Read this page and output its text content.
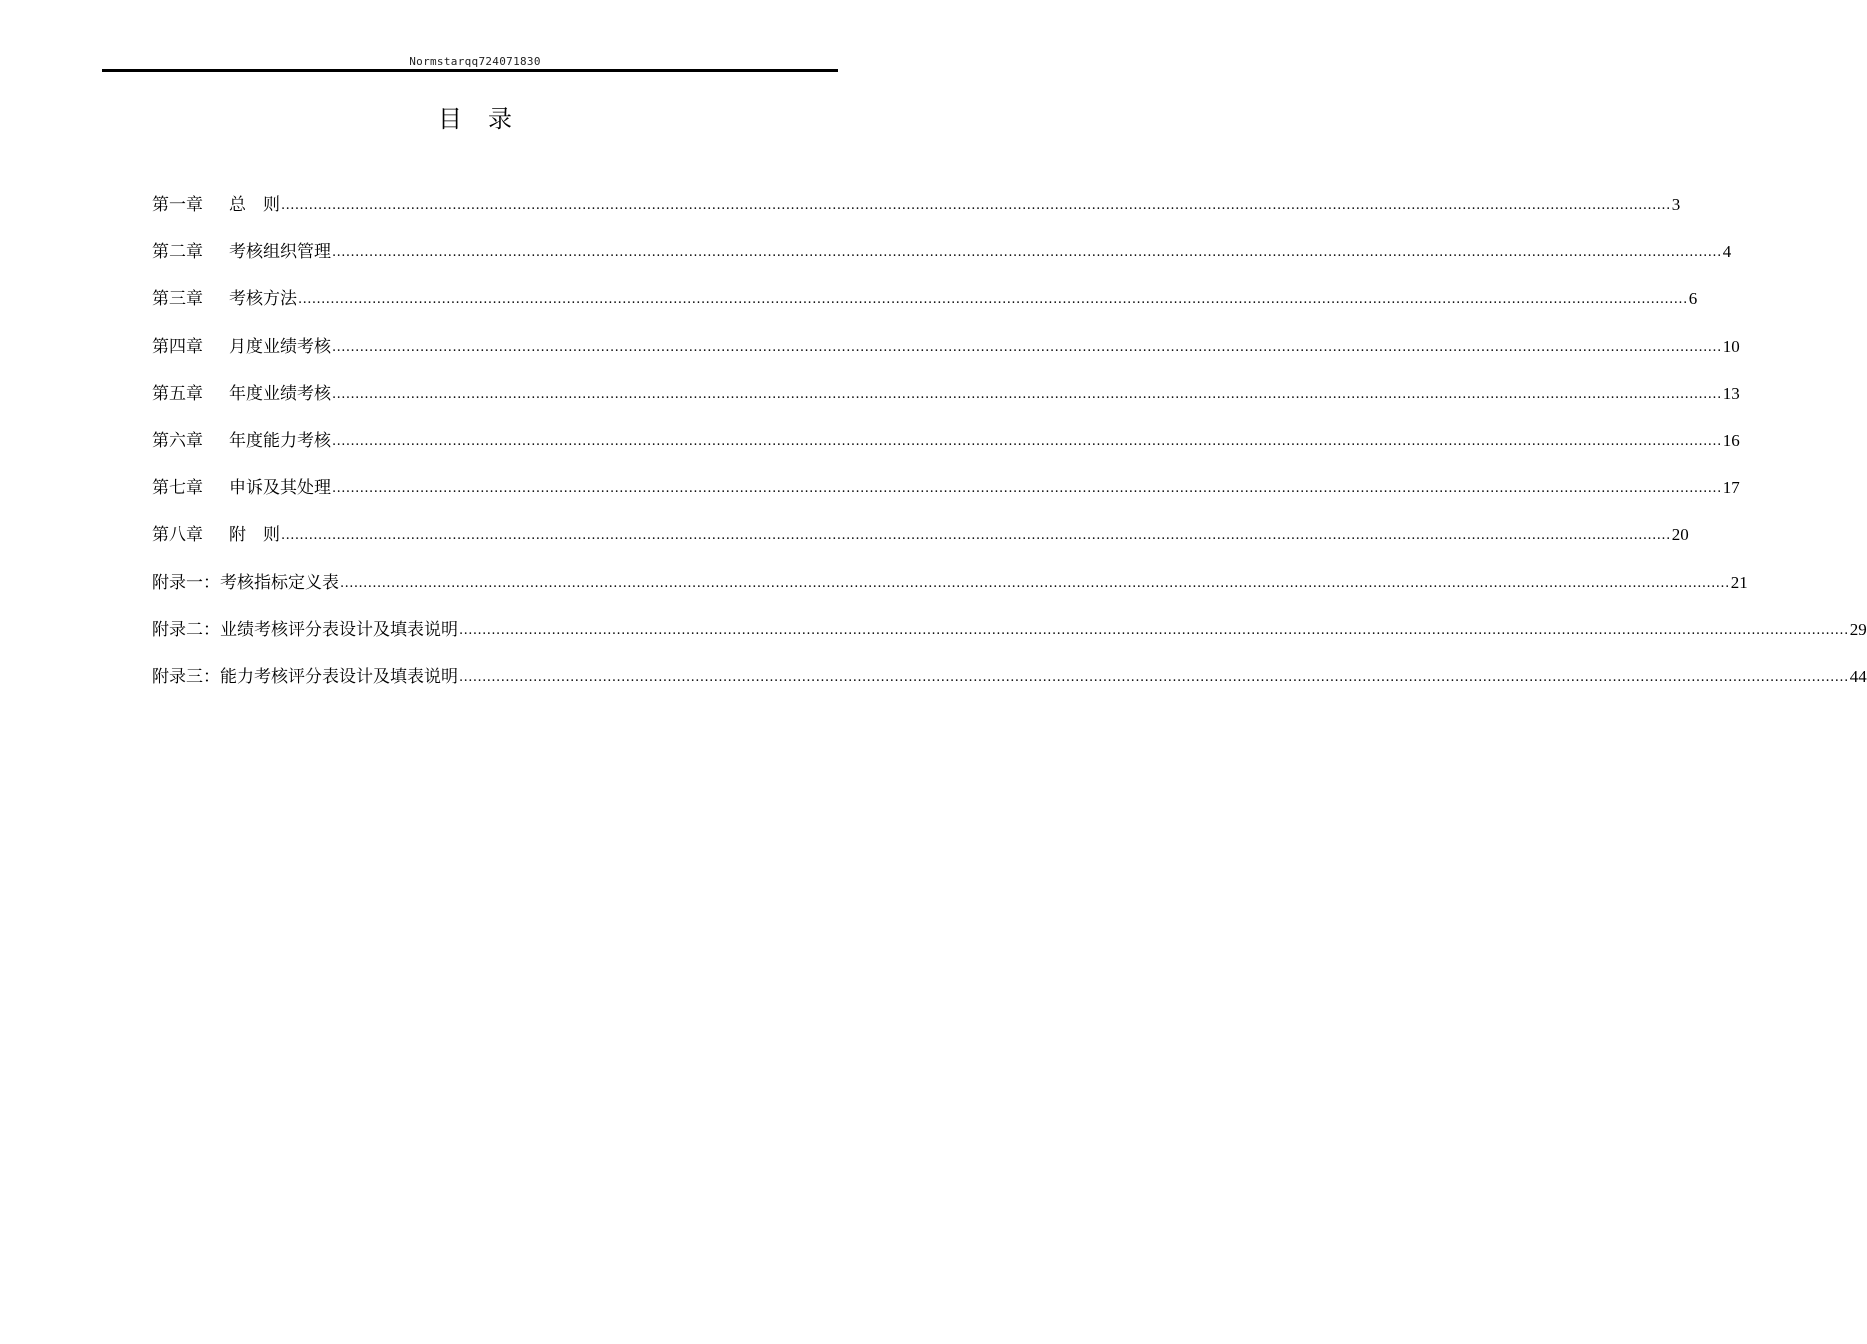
Normstarqq724071830
目 录
第一章	总　则 ............................................................................................................................................................................................................................................................................................................ 3
第二章	考核组织管理 ............................................................................................................................................................................................................................................................................................................ 4
第三章	考核方法 ............................................................................................................................................................................................................................................................................................................ 6
第四章	月度业绩考核 ............................................................................................................................................................................................................................................................................................................ 10
第五章	年度业绩考核 ............................................................................................................................................................................................................................................................................................................ 13
第六章	年度能力考核 ............................................................................................................................................................................................................................................................................................................ 16
第七章	申诉及其处理 ............................................................................................................................................................................................................................................................................................................ 17
第八章	附　则 ............................................................................................................................................................................................................................................................................................................ 20
附录一： 考核指标定义表 ............................................................................................................................................................................................................................................................................................................ 21
附录二： 业绩考核评分表设计及填表说明 ............................................................................................................................................................................................................................................................................................................ 29
附录三： 能力考核评分表设计及填表说明 ............................................................................................................................................................................................................................................................................................................ 44
